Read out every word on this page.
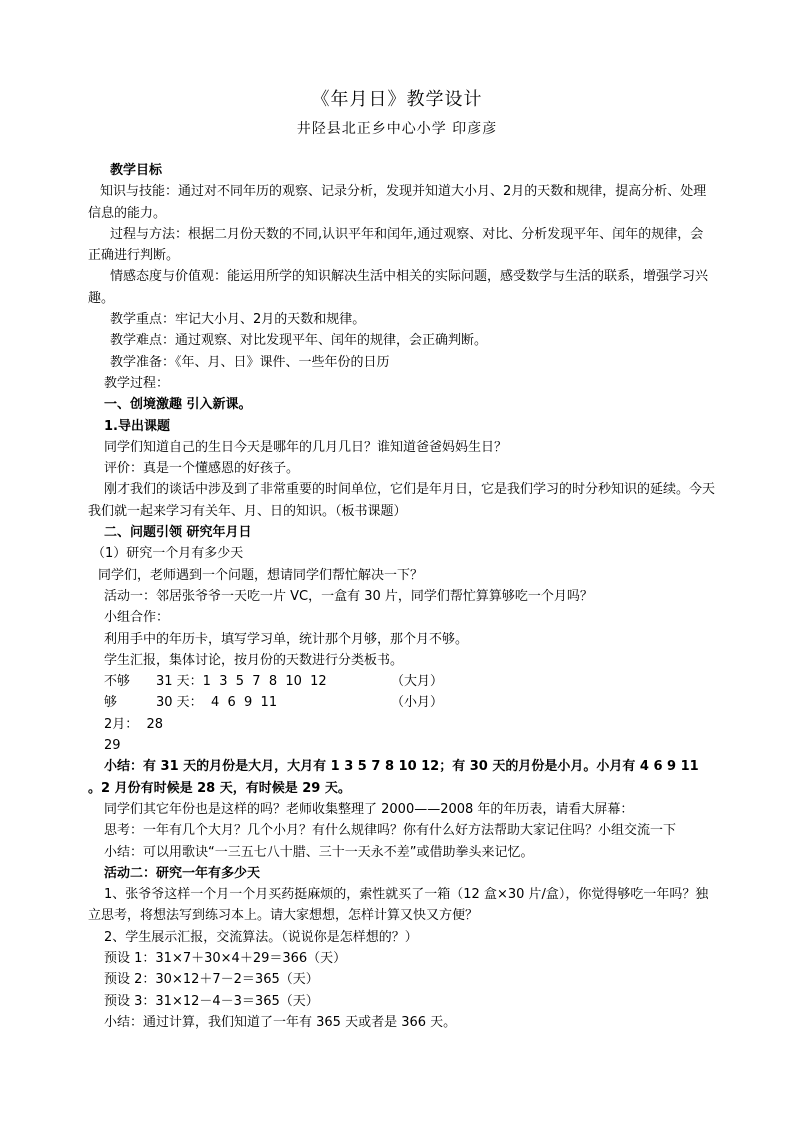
《年月日》教学设计
井陉县北正乡中心小学 印彦彦

教学目标

知识与技能：通过对不同年历的观察、记录分析，发现并知道大小月、2月的天数和规律，提高分析、处理信息的能力。

过程与方法：根据二月份天数的不同,认识平年和闰年,通过观察、对比、分析发现平年、闰年的规律，会正确进行判断。

情感态度与价值观：能运用所学的知识解决生活中相关的实际问题，感受数学与生活的联系，增强学习兴趣。

教学重点：牢记大小月、2月的天数和规律。

教学难点：通过观察、对比发现平年、闰年的规律，会正确判断。

教学准备：《年、月、日》课件、一些年份的日历

教学过程：

一、创境激趣 引入新课。

1.导出课题

同学们知道自己的生日今天是哪年的几月几日？谁知道爸爸妈妈生日？

评价：真是一个懂感恩的好孩子。

刚才我们的谈话中涉及到了非常重要的时间单位，它们是年月日，它是我们学习的时分秒知识的延续。今天我们就一起来学习有关年、月、日的知识。（板书课题）

二、问题引领 研究年月日

（1）研究一个月有多少天

同学们，老师遇到一个问题，想请同学们帮忙解决一下？

活动一：邻居张爷爷一天吃一片 VC，一盒有 30 片，同学们帮忙算算够吃一个月吗？

小组合作：

利用手中的年历卡，填写学习单，统计那个月够，那个月不够。

学生汇报，集体讨论，按月份的天数进行分类板书。

不够	31 天：1  3  5  7  8  10  12	（大月）
够	30 天：  4  6  9  11	（小月）

2月：  28

29

小结：有 31 天的月份是大月，大月有 1 3 5 7 8 10 12；有 30 天的月份是小月。小月有 4 6 9 11 。2 月份有时候是 28 天，有时候是 29 天。

同学们其它年份也是这样的吗？老师收集整理了 2000——2008 年的年历表，请看大屏幕：

思考：一年有几个大月？几个小月？有什么规律吗？你有什么好方法帮助大家记住吗？小组交流一下

小结：可以用歌诀“一三五七八十腊、三十一天永不差”或借助拳头来记忆。

活动二：研究一年有多少天

1、张爷爷这样一个月一个月买药挺麻烦的，索性就买了一箱（12 盒×30 片/盒），你觉得够吃一年吗？独立思考，将想法写到练习本上。请大家想想，怎样计算又快又方便？

2、学生展示汇报，交流算法。（说说你是怎样想的？）

预设 1：31×7＋30×4＋29＝366（天）

预设 2：30×12＋7－2＝365（天）

预设 3：31×12－4－3＝365（天）

小结：通过计算，我们知道了一年有 365 天或者是 366 天。
